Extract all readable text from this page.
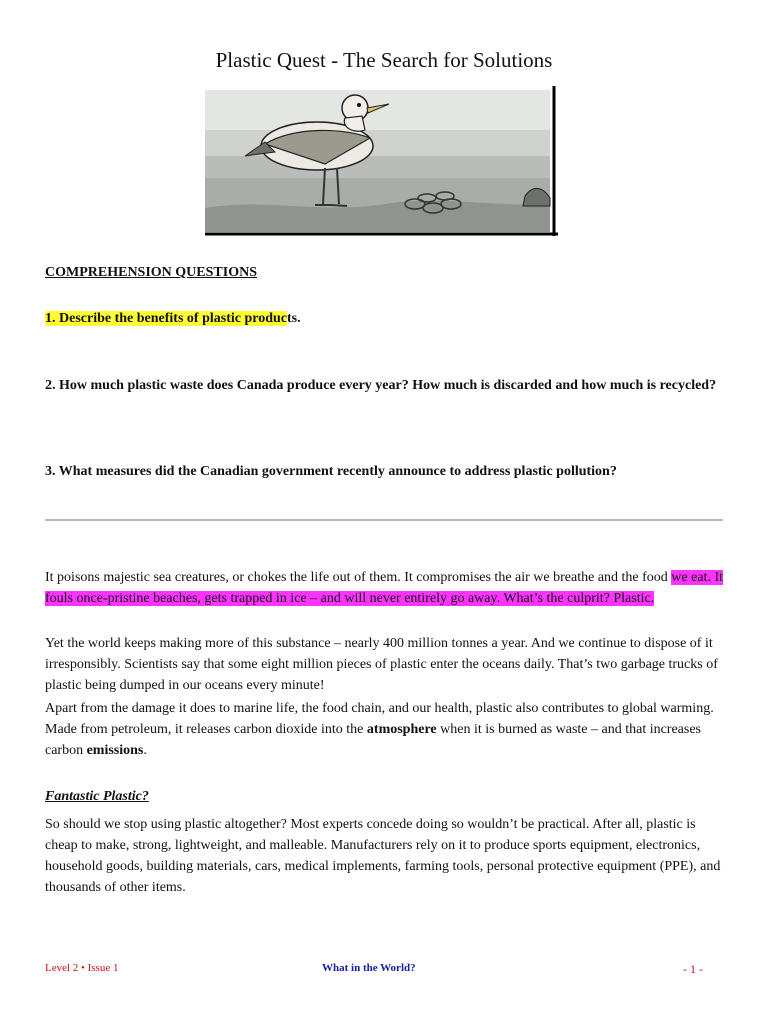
Plastic Quest - The Search for Solutions
COMPREHENSION QUESTIONS
1. Describe the benefits of plastic products.
2. How much plastic waste does Canada produce every year? How much is discarded and how much is recycled?
3. What measures did the Canadian government recently announce to address plastic pollution?

It poisons majestic sea creatures, or chokes the life out of them. It compromises the air we breathe and the food we eat. It fouls once-pristine beaches, gets trapped in ice – and will never entirely go away. What’s the culprit? Plastic.

Yet the world keeps making more of this substance – nearly 400 million tonnes a year. And we continue to dispose of it irresponsibly. Scientists say that some eight million pieces of plastic enter the oceans daily. That’s two garbage trucks of plastic being dumped in our oceans every minute!

Apart from the damage it does to marine life, the food chain, and our health, plastic also contributes to global warming. Made from petroleum, it releases carbon dioxide into the atmosphere when it is burned as waste – and that increases carbon emissions.

Fantastic Plastic?

So should we stop using plastic altogether? Most experts concede doing so wouldn’t be practical. After all, plastic is cheap to make, strong, lightweight, and malleable. Manufacturers rely on it to produce sports equipment, electronics, household goods, building materials, cars, medical implements, farming tools, personal protective equipment (PPE), and thousands of other items.

Level 2 • Issue 1	What in the World?	- 1 -
